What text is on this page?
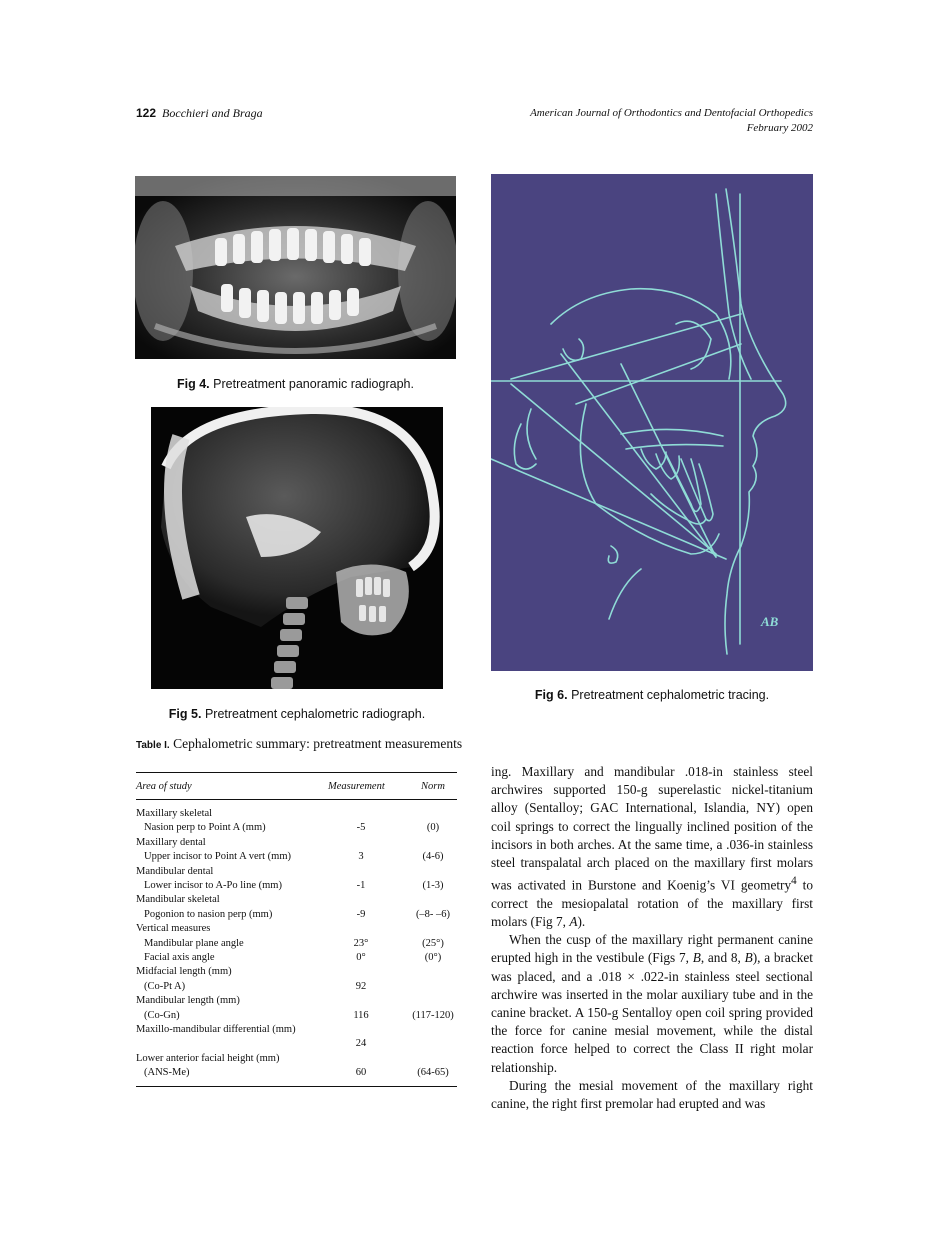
122 Bocchieri and Braga	American Journal of Orthodontics and Dentofacial Orthopedics
February 2002
Fig 4. Pretreatment panoramic radiograph.
Fig 5. Pretreatment cephalometric radiograph.
AB
Fig 6. Pretreatment cephalometric tracing.
Table I. Cephalometric summary: pretreatment measurements
Area of study	Measurement	Norm
Maxillary skeletal
Nasion perp to Point A (mm)	-5	(0)
Maxillary dental
Upper incisor to Point A vert (mm)	3	(4-6)
Mandibular dental
Lower incisor to A-Po line (mm)	-1	(1-3)
Mandibular skeletal
Pogonion to nasion perp (mm)	-9	(–8- –6)
Vertical measures
Mandibular plane angle	23°	(25°)
Facial axis angle	0°	(0°)
Midfacial length (mm)
(Co-Pt A)	92
Mandibular length (mm)
(Co-Gn)	116	(117-120)
Maxillo-mandibular differential (mm)
24
Lower anterior facial height (mm)
(ANS-Me)	60	(64-65)

ing. Maxillary and mandibular .018-in stainless steel archwires supported 150-g superelastic nickel-titanium alloy (Sentalloy; GAC International, Islandia, NY) open coil springs to correct the lingually inclined position of the incisors in both arches. At the same time, a .036-in stainless steel transpalatal arch placed on the maxillary first molars was activated in Burstone and Koenig’s VI geometry$^4$ to correct the mesiopalatal rotation of the maxillary first molars (Fig 7, A).

When the cusp of the maxillary right permanent canine erupted high in the vestibule (Figs 7, B, and 8, B), a bracket was placed, and a .018 × .022-in stainless steel sectional archwire was inserted in the molar auxiliary tube and in the canine bracket. A 150-g Sentalloy open coil spring provided the force for canine mesial movement, while the distal reaction force helped to correct the Class II right molar relationship.

During the mesial movement of the maxillary right canine, the right first premolar had erupted and was
